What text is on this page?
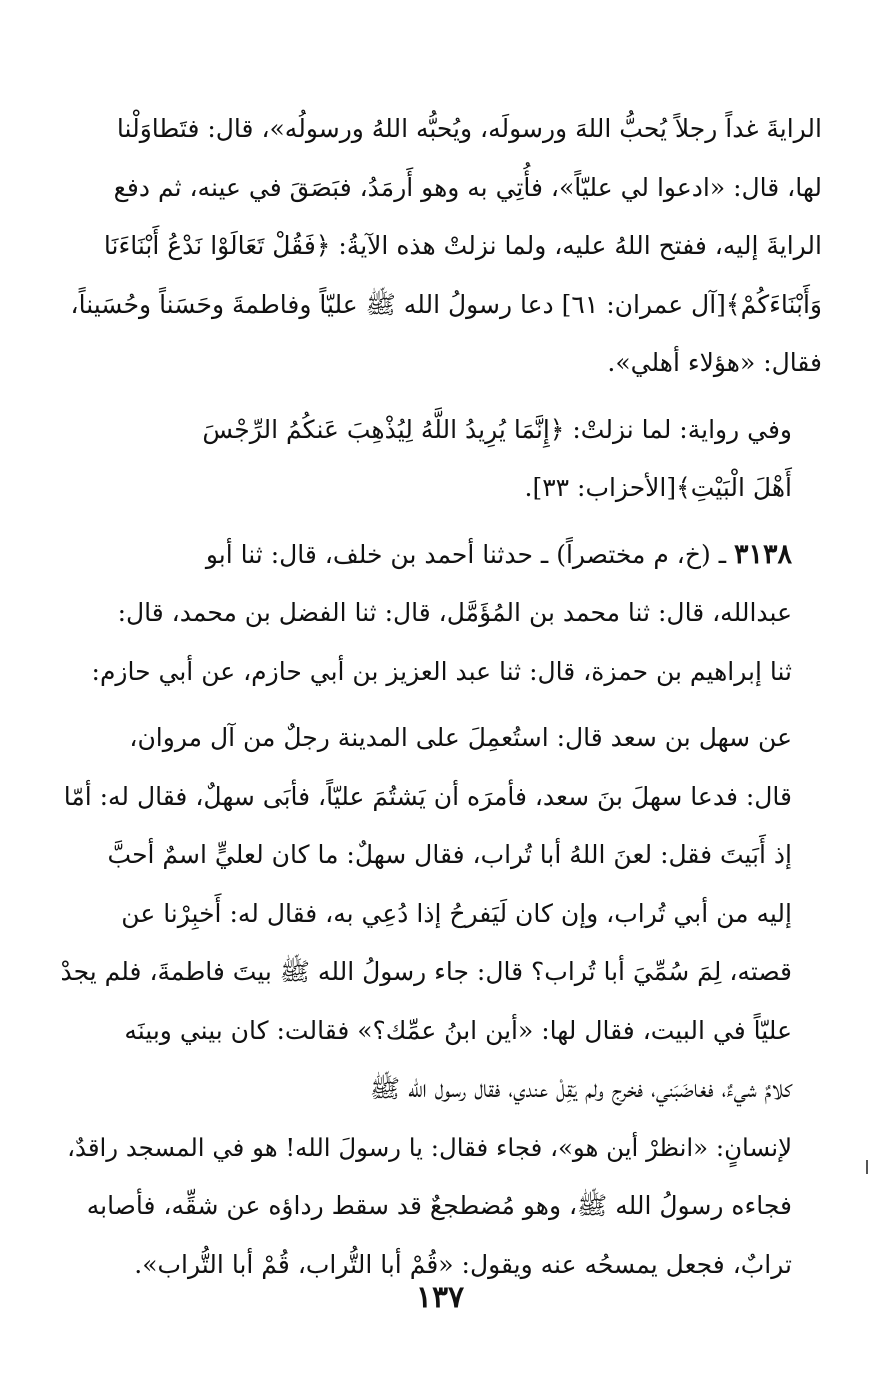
الرايةَ غداً رجلاً يُحبُّ اللهَ ورسولَه، ويُحبُّه اللهُ ورسولُه»، قال: فتَطاوَلْنا
لها، قال: «ادعوا لي عليّاً»، فأُتِي به وهو أَرمَدُ، فبَصَقَ في عينه، ثم دفع
الرايةَ إليه، ففتح اللهُ عليه، ولما نزلتْ هذه الآيةُ: ﴿فَقُلْ تَعَالَوْا نَدْعُ أَبْنَاءَنَا
وَأَبْنَاءَكُمْ﴾[آل عمران: ٦١] دعا رسولُ الله ﷺ عليّاً وفاطمةَ وحَسَناً وحُسَيناً،
فقال: «هؤلاء أهلي».

وفي رواية: لما نزلتْ: ﴿إِنَّمَا يُرِيدُ اللَّهُ لِيُذْهِبَ عَنكُمُ الرِّجْسَ
أَهْلَ الْبَيْتِ﴾[الأحزاب: ٣٣].

٣١٣٨ ـ (خ، م مختصراً) ـ حدثنا أحمد بن خلف، قال: ثنا أبو
عبدالله، قال: ثنا محمد بن المُؤَمَّل، قال: ثنا الفضل بن محمد، قال:
ثنا إبراهيم بن حمزة، قال: ثنا عبد العزيز بن أبي حازم، عن أبي حازم:

عن سهل بن سعد قال: استُعمِلَ على المدينة رجلٌ من آل مروان،
قال: فدعا سهلَ بنَ سعد، فأمرَه أن يَشتُمَ عليّاً، فأبَى سهلٌ، فقال له: أمّا
إذ أَبَيتَ فقل: لعنَ اللهُ أبا تُراب، فقال سهلٌ: ما كان لعليٍّ اسمٌ أحبَّ
إليه من أبي تُراب، وإن كان لَيَفرحُ إذا دُعِي به، فقال له: أَخبِرْنا عن
قصته، لِمَ سُمِّيَ أبا تُراب؟ قال: جاء رسولُ الله ﷺ بيتَ فاطمةَ، فلم يجدْ
عليّاً في البيت، فقال لها: «أين ابنُ عمِّك؟» فقالت: كان بيني وبينَه
كلامٌ شيءٌ، فغاضَبَني، فخرج ولم يَقِلْ عندي، فقال رسول الله ﷺ
لإنسانٍ: «انظرْ أين هو»، فجاء فقال: يا رسولَ الله! هو في المسجد راقدٌ،
فجاءه رسولُ الله ﷺ، وهو مُضطجعٌ قد سقط رداؤه عن شقِّه، فأصابه
ترابٌ، فجعل يمسحُه عنه ويقول: «قُمْ أبا التُّراب، قُمْ أبا التُّراب».

١٣٧
